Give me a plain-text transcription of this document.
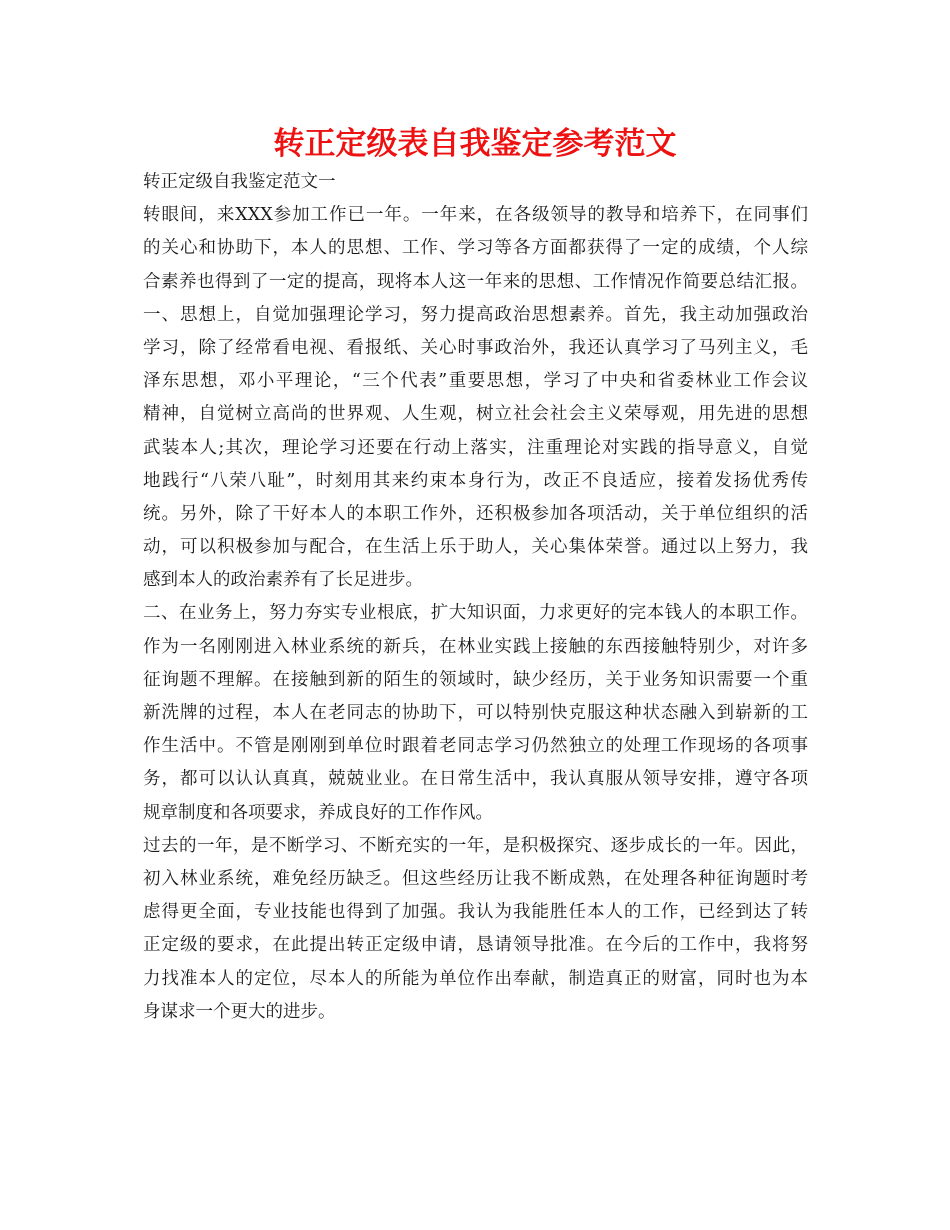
转正定级表自我鉴定参考范文
转正定级自我鉴定范文一
转眼间，来XXX参加工作已一年。一年来，在各级领导的教导和培养下，在同事们
的关心和协助下，本人的思想、工作、学习等各方面都获得了一定的成绩，个人综
合素养也得到了一定的提高，现将本人这一年来的思想、工作情况作简要总结汇报。
一、思想上，自觉加强理论学习，努力提高政治思想素养。首先，我主动加强政治
学习，除了经常看电视、看报纸、关心时事政治外，我还认真学习了马列主义，毛
泽东思想，邓小平理论，“三个代表”重要思想，学习了中央和省委林业工作会议
精神，自觉树立高尚的世界观、人生观，树立社会社会主义荣辱观，用先进的思想
武装本人;其次，理论学习还要在行动上落实，注重理论对实践的指导意义，自觉
地践行“八荣八耻”，时刻用其来约束本身行为，改正不良适应，接着发扬优秀传
统。另外，除了干好本人的本职工作外，还积极参加各项活动，关于单位组织的活
动，可以积极参加与配合，在生活上乐于助人，关心集体荣誉。通过以上努力，我
感到本人的政治素养有了长足进步。
二、在业务上，努力夯实专业根底，扩大知识面，力求更好的完本钱人的本职工作。
作为一名刚刚进入林业系统的新兵，在林业实践上接触的东西接触特别少，对许多
征询题不理解。在接触到新的陌生的领域时，缺少经历，关于业务知识需要一个重
新洗牌的过程，本人在老同志的协助下，可以特别快克服这种状态融入到崭新的工
作生活中。不管是刚刚到单位时跟着老同志学习仍然独立的处理工作现场的各项事
务，都可以认认真真，兢兢业业。在日常生活中，我认真服从领导安排，遵守各项
规章制度和各项要求，养成良好的工作作风。
过去的一年，是不断学习、不断充实的一年，是积极探究、逐步成长的一年。因此，
初入林业系统，难免经历缺乏。但这些经历让我不断成熟，在处理各种征询题时考
虑得更全面，专业技能也得到了加强。我认为我能胜任本人的工作，已经到达了转
正定级的要求，在此提出转正定级申请，恳请领导批准。在今后的工作中，我将努
力找准本人的定位，尽本人的所能为单位作出奉献，制造真正的财富，同时也为本
身谋求一个更大的进步。
